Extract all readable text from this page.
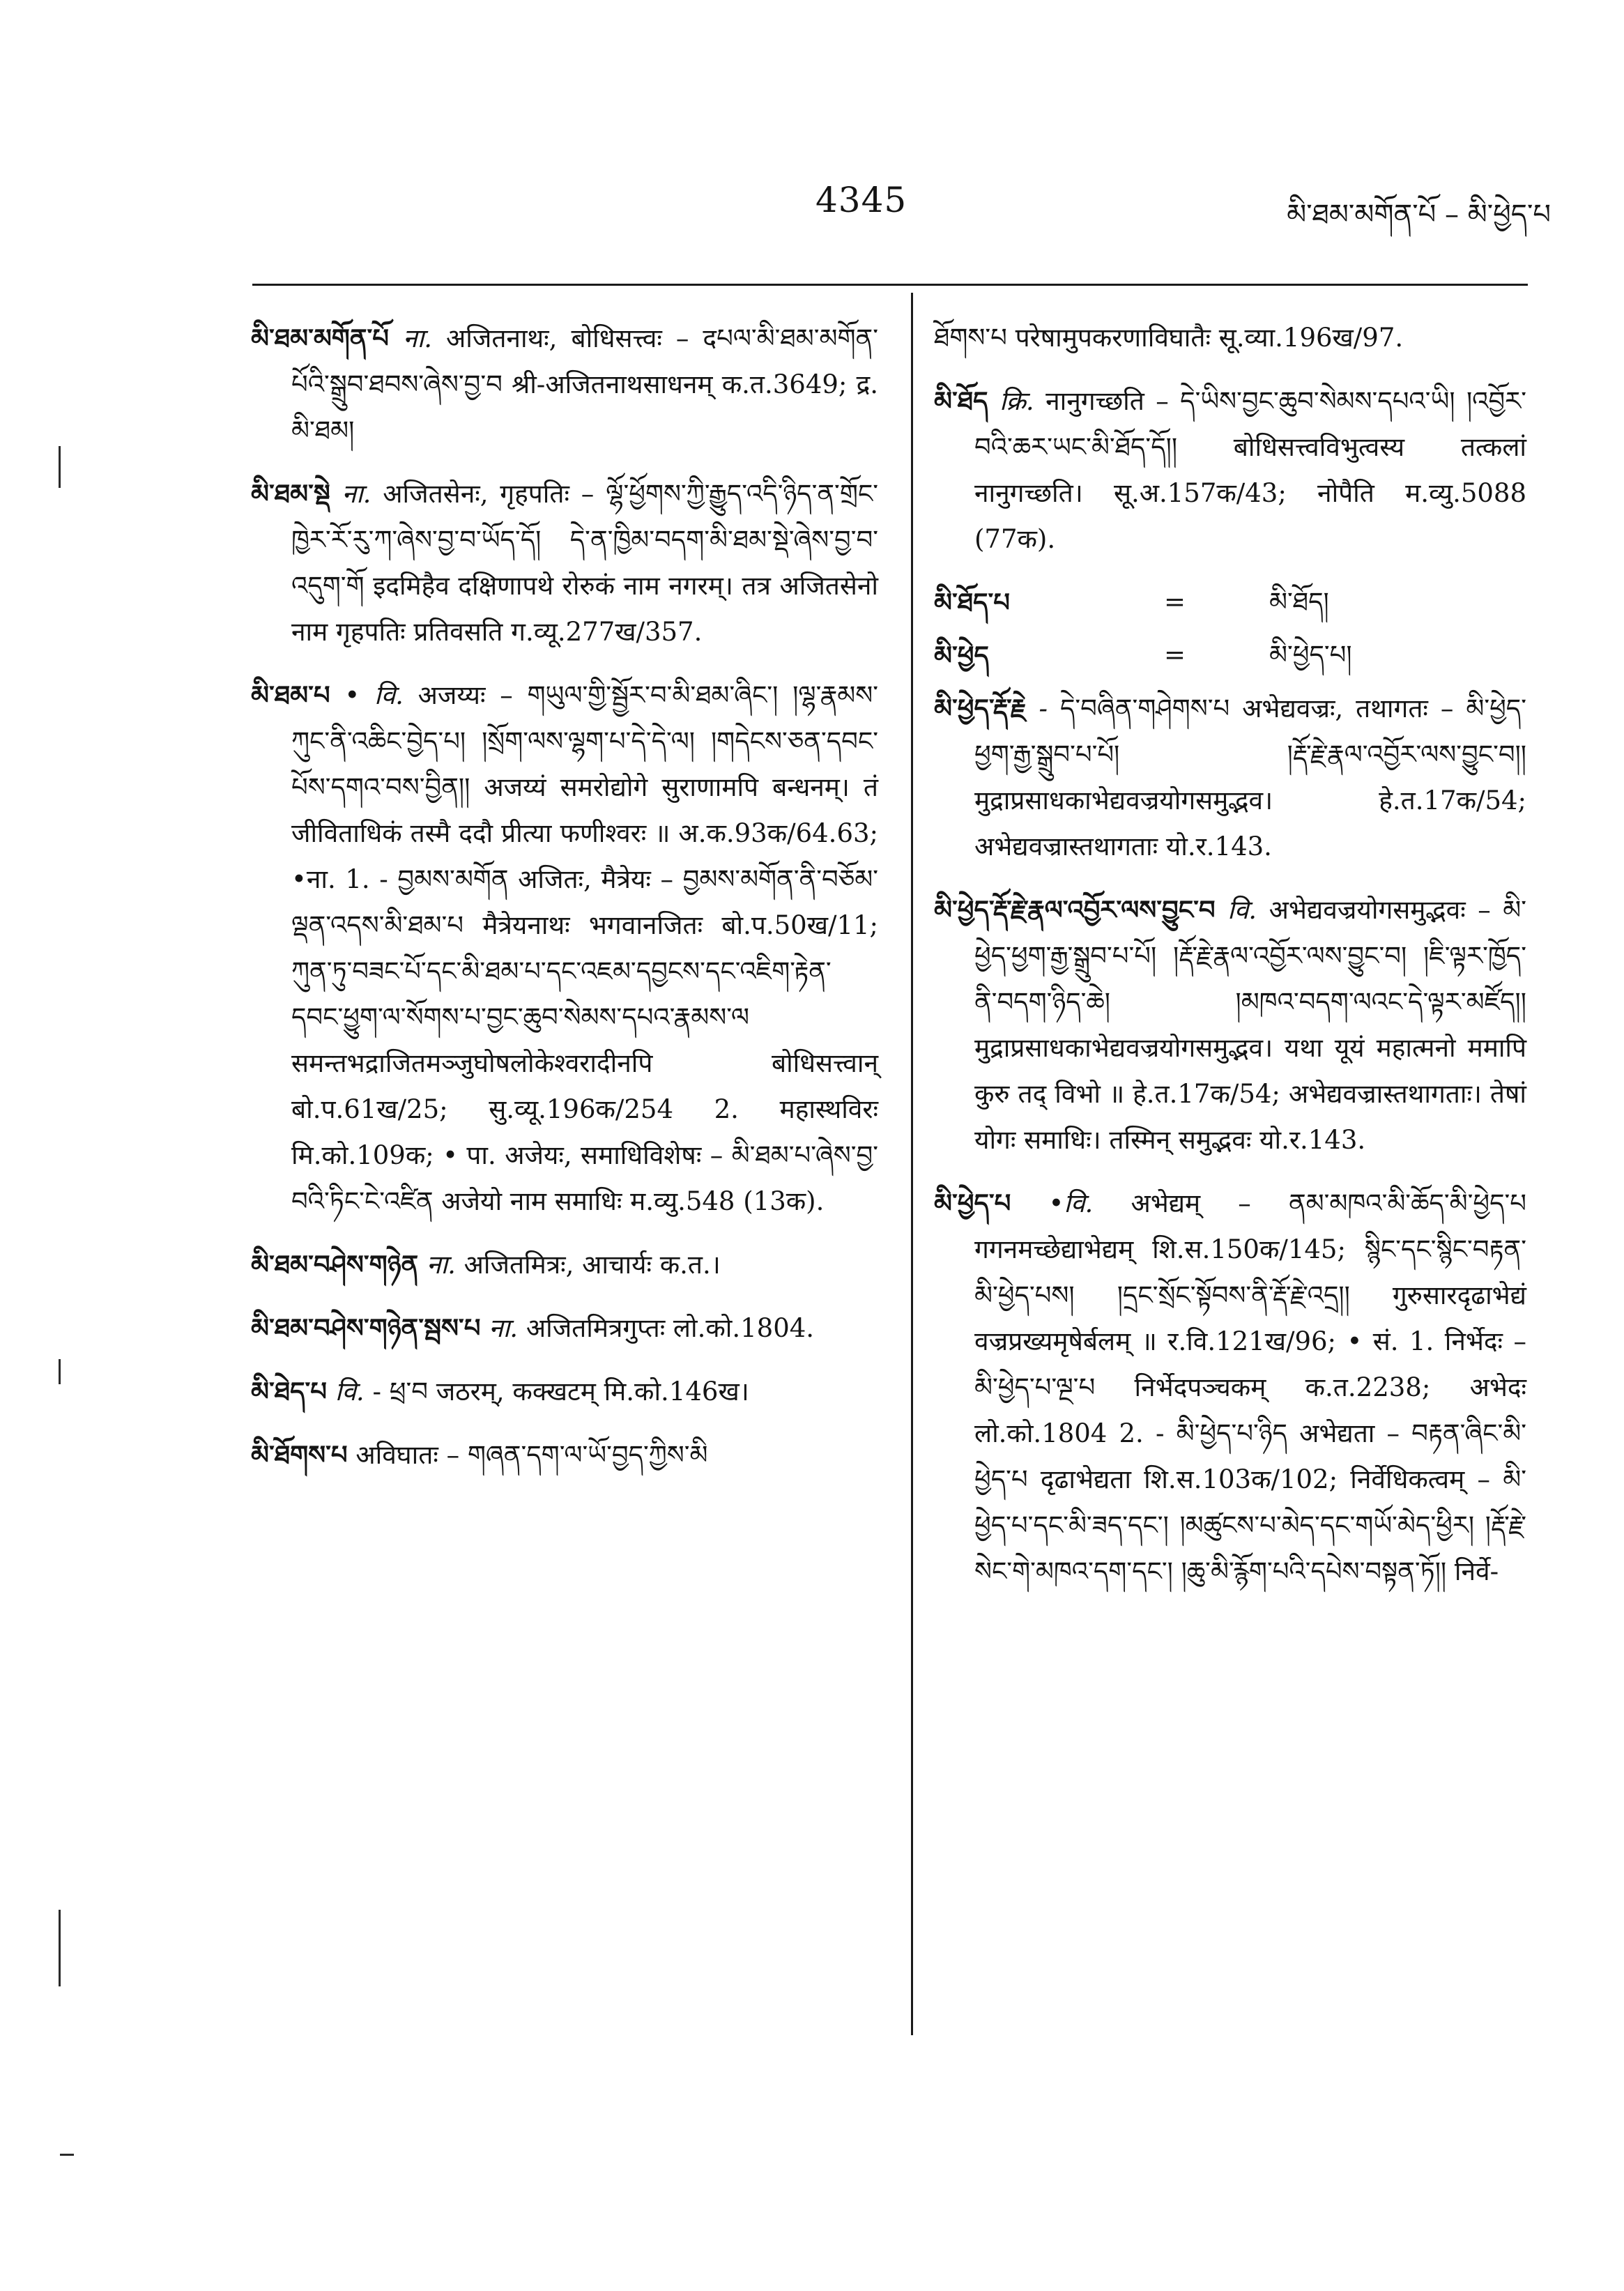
4345	མི་ཐམ་མགོན་པོ – མི་ཕྱེད་པ

མི་ཐམ་མགོན་པོ ना. अजितनाथः, बोधिसत्त्वः – दཔལ་མི་ཐམ་མགོན་པོའི་སྒྲུབ་ཐབས་ཞེས་བྱ་བ श्री-अजितनाथसाधनम् क.त.3649; द्र. མི་ཐམ།

མི་ཐམ་སྡེ ना. अजितसेनः, गृहपतिः – ལྷོ་ཕྱོགས་ཀྱི་རྒྱུད་འདི་ཉིད་ན་གྲོང་ཁྱེར་རོ་རུ་ཀ་ཞེས་བྱ་བ་ཡོད་དོ། དེ་ན་ཁྱིམ་བདག་མི་ཐམ་སྡེ་ཞེས་བྱ་བ་འདུག་གོ इदमिहैव दक्षिणापथे रोरुकं नाम नगरम्। तत्र अजितसेनो नाम गृहपतिः प्रतिवसति ग.व्यू.277ख/357.

མི་ཐམ་པ • वि. अजय्यः – གཡུལ་གྱི་སྦྱོར་བ་མི་ཐམ་ཞིང་། །ལྷ་རྣམས་ཀུང་ནི་འཆིང་བྱེད་པ། །སྲོག་ལས་ལྷག་པ་དེ་དེ་ལ། །གདེངས་ཅན་དབང་པོས་དགའ་བས་བྱིན།། अजय्यं समरोद्योगे सुराणामपि बन्धनम्। तं जीविताधिकं तस्मै ददौ प्रीत्या फणीश्वरः ॥ अ.क.93क/64.63; •ना. 1. - བྱམས་མགོན अजितः, मैत्रेयः – བྱམས་མགོན་ནི་བཅོམ་ལྡན་འདས་མི་ཐམ་པ मैत्रेयनाथः भगवानजितः बो.प.50ख/11; ཀུན་ཏུ་བཟང་པོ་དང་མི་ཐམ་པ་དང་འཇམ་དབྱངས་དང་འཇིག་རྟེན་དབང་ཕྱུག་ལ་སོགས་པ་བྱང་ཆུབ་སེམས་དཔའ་རྣམས་ལ समन्तभद्राजितमञ्जुघोषलोकेश्वरादीनपि बोधिसत्त्वान् बो.प.61ख/25; सु.व्यू.196क/254 2. महास्थविरः मि.को.109क; • पा. अजेयः, समाधिविशेषः – མི་ཐམ་པ་ཞེས་བྱ་བའི་ཏིང་ངེ་འཛིན अजेयो नाम समाधिः म.व्यु.548 (13क).

མི་ཐམ་བཤེས་གཉེན ना. अजितमित्रः, आचार्यः क.त.।

མི་ཐམ་བཤེས་གཉེན་སྦས་པ ना. अजितमित्रगुप्तः लो.को.1804.

མི་ཐེད་པ वि. - ཕྲ་བ जठरम्, कक्खटम् मि.को.146ख।

མི་ཐོགས་པ अविघातः – གཞན་དག་ལ་ཡོ་བྱད་ཀྱིས་མི

ཐོགས་པ परेषामुपकरणाविघातैः सू.व्या.196ख/97.

མི་ཐོད क्रि. नानुगच्छति – དེ་ཡིས་བྱང་ཆུབ་སེམས་དཔའ་ཡི། །འབྱོར་བའི་ཆར་ཡང་མི་ཐོད་དོ།། बोधिसत्त्वविभुत्वस्य तत्कलां नानुगच्छति। सू.अ.157क/43; नोपैति म.व्यु.5088 (77क).

མི་ཐོད་པ	=	མི་ཐོད།
མི་ཕྱེད	=	མི་ཕྱེད་པ།

མི་ཕྱེད་རྡོ་རྗེ - དེ་བཞིན་གཤེགས་པ अभेद्यवज्रः, तथागतः – མི་ཕྱེད་ཕྱག་རྒྱ་སྒྲུབ་པ་པོ། །རྡོ་རྗེ་རྣལ་འབྱོར་ལས་བྱུང་བ།། मुद्राप्रसाधकाभेद्यवज्रयोगसमुद्भव। हे.त.17क/54; अभेद्यवज्रास्तथागताः यो.र.143.

མི་ཕྱེད་རྡོ་རྗེ་རྣལ་འབྱོར་ལས་བྱུང་བ वि. अभेद्यवज्रयोगसमुद्भवः – མི་ཕྱེད་ཕྱག་རྒྱ་སྒྲུབ་པ་པོ། །རྡོ་རྗེ་རྣལ་འབྱོར་ལས་བྱུང་བ། །ཇི་ལྟར་ཁྱོད་ནི་བདག་ཉིད་ཆེ། །མཁའ་བདག་ལའང་དེ་ལྟར་མཛོད།། मुद्राप्रसाधकाभेद्यवज्रयोगसमुद्भव। यथा यूयं महात्मनो ममापि कुरु तद् विभो ॥ हे.त.17क/54; अभेद्यवज्रास्तथागताः। तेषां योगः समाधिः। तस्मिन् समुद्भवः यो.र.143.

མི་ཕྱེད་པ •वि. अभेद्यम् – ནམ་མཁའ་མི་ཆོད་མི་ཕྱེད་པ गगनमच्छेद्याभेद्यम् शि.स.150क/145; སྙིང་དང་སྙིང་བརྟན་མི་ཕྱེད་པས། །དྲང་སྲོང་སྟོབས་ནི་རྡོ་རྗེ་འདྲ།། गुरुसारदृढाभेद्यं वज्रप्रख्यमृषेर्बलम् ॥ र.वि.121ख/96; • सं. 1. निर्भेदः – མི་ཕྱེད་པ་ལྔ་པ निर्भेदपञ्चकम् क.त.2238; अभेदः लो.को.1804 2. - མི་ཕྱེད་པ་ཉིད अभेद्यता – བརྟན་ཞིང་མི་ཕྱེད་པ दृढाभेद्यता शि.स.103क/102; निर्वेधिकत्वम् – མི་ཕྱེད་པ་དང་མི་ཟད་དང་། །མཚུངས་པ་མེད་དང་གཡོ་མེད་ཕྱིར། །རྡོ་རྗེ་སེང་གེ་མཁའ་དག་དང་། །ཆུ་མི་རྙོག་པའི་དཔེས་བསྟན་ཏོ།། निर्वे-
